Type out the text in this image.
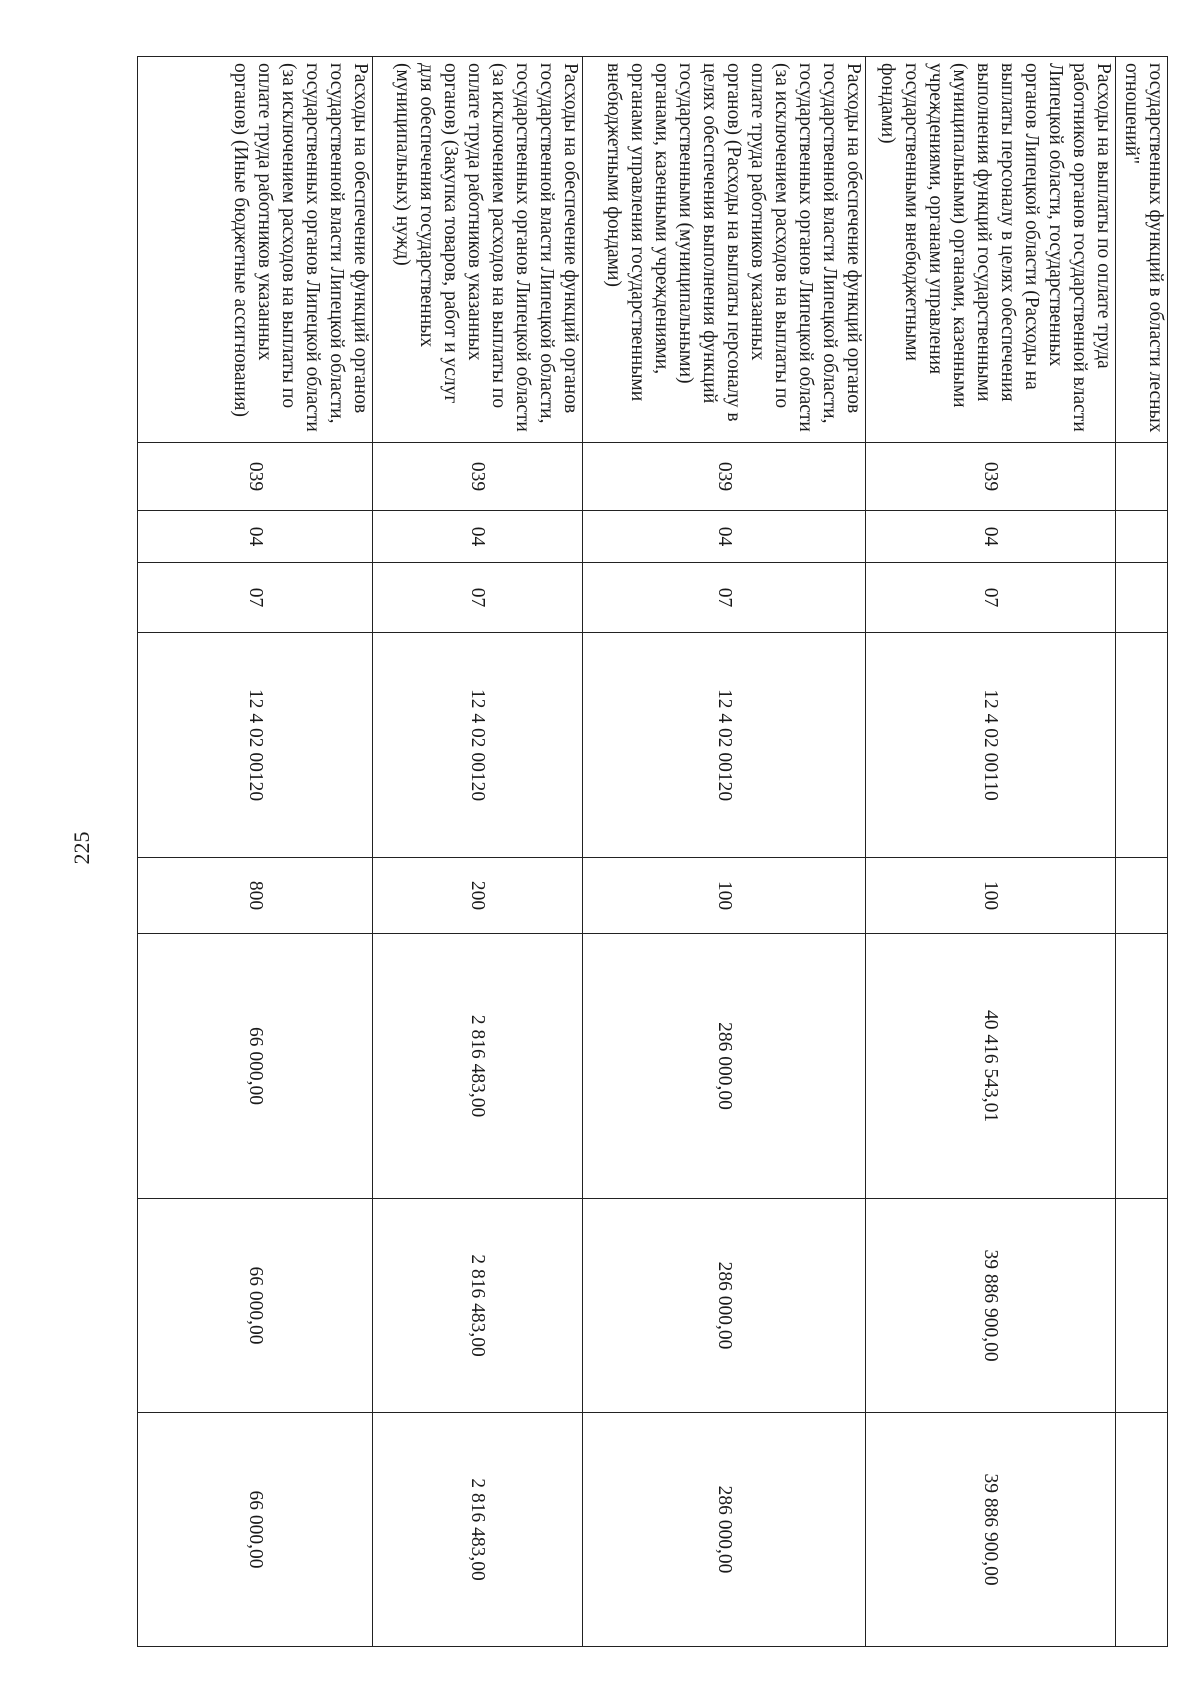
225
государственных функций в области лесных отношений"								
Расходы на выплаты по оплате труда работников органов государственной власти Липецкой области, государственных органов Липецкой области (Расходы на выплаты персоналу в целях обеспечения выполнения функций государственными (муниципальными) органами, казенными учреждениями, органами управления государственными внебюджетными фондами)	039	04	07	12 4 02 00110	100	40 416 543,01	39 886 900,00	39 886 900,00
Расходы на обеспечение функций органов государственной власти Липецкой области, государственных органов Липецкой области (за исключением расходов на выплаты по оплате труда работников указанных органов) (Расходы на выплаты персоналу в целях обеспечения выполнения функций государственными (муниципальными) органами, казенными учреждениями, органами управления государственными внебюджетными фондами)	039	04	07	12 4 02 00120	100	286 000,00	286 000,00	286 000,00
Расходы на обеспечение функций органов государственной власти Липецкой области, государственных органов Липецкой области (за исключением расходов на выплаты по оплате труда работников указанных органов) (Закупка товаров, работ и услуг для обеспечения государственных (муниципальных) нужд)	039	04	07	12 4 02 00120	200	2 816 483,00	2 816 483,00	2 816 483,00
Расходы на обеспечение функций органов государственной власти Липецкой области, государственных органов Липецкой области (за исключением расходов на выплаты по оплате труда работников указанных органов) (Иные бюджетные ассигнования)	039	04	07	12 4 02 00120	800	66 000,00	66 000,00	66 000,00
